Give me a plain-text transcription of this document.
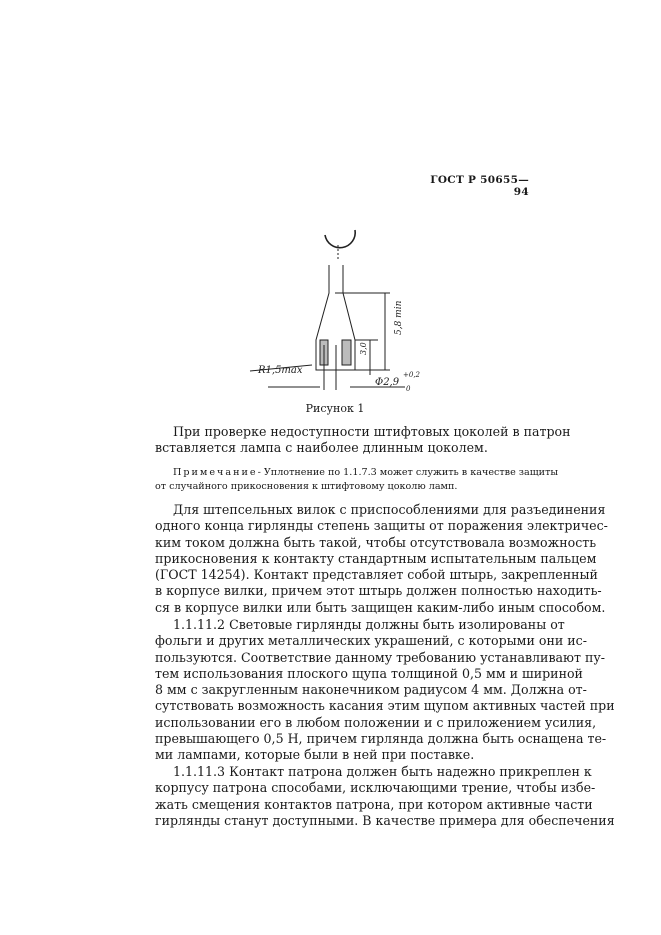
ГОСТ Р 50655—94
R1,5max
5,8 min
3,0
Φ2,9
+0,2
0
Рисунок 1
При проверке недоступности штифтовых цоколей в патрон
вставляется лампа с наиболее длинным цоколем.
Примечание- Уплотнение по 1.1.7.3 может служить в качестве защиты
от случайного прикосновения к штифтовому цоколю ламп.
Для штепсельных вилок с приспособлениями для разъединения
одного конца гирлянды степень защиты от поражения электричес-
ким током должна быть такой, чтобы отсутствовала возможность
прикосновения к контакту стандартным испытательным пальцем
(ГОСТ 14254). Контакт представляет собой штырь, закрепленный
в корпусе вилки, причем этот штырь должен полностью находить-
ся в корпусе вилки или быть защищен каким-либо иным способом.
1.1.11.2 Световые гирлянды должны быть изолированы от
фольги и других металлических украшений, с которыми они ис-
пользуются. Соответствие данному требованию устанавливают пу-
тем использования плоского щупа толщиной 0,5 мм и шириной
8 мм с закругленным наконечником радиусом 4 мм. Должна от-
сутствовать возможность касания этим щупом активных частей при
использовании его в любом положении и с приложением усилия,
превышающего 0,5 Н, причем гирлянда должна быть оснащена те-
ми лампами, которые были в ней при поставке.
1.1.11.3 Контакт патрона должен быть надежно прикреплен к
корпусу патрона способами, исключающими трение, чтобы избе-
жать смещения контактов патрона, при котором активные части
гирлянды станут доступными. В качестве примера для обеспечения
